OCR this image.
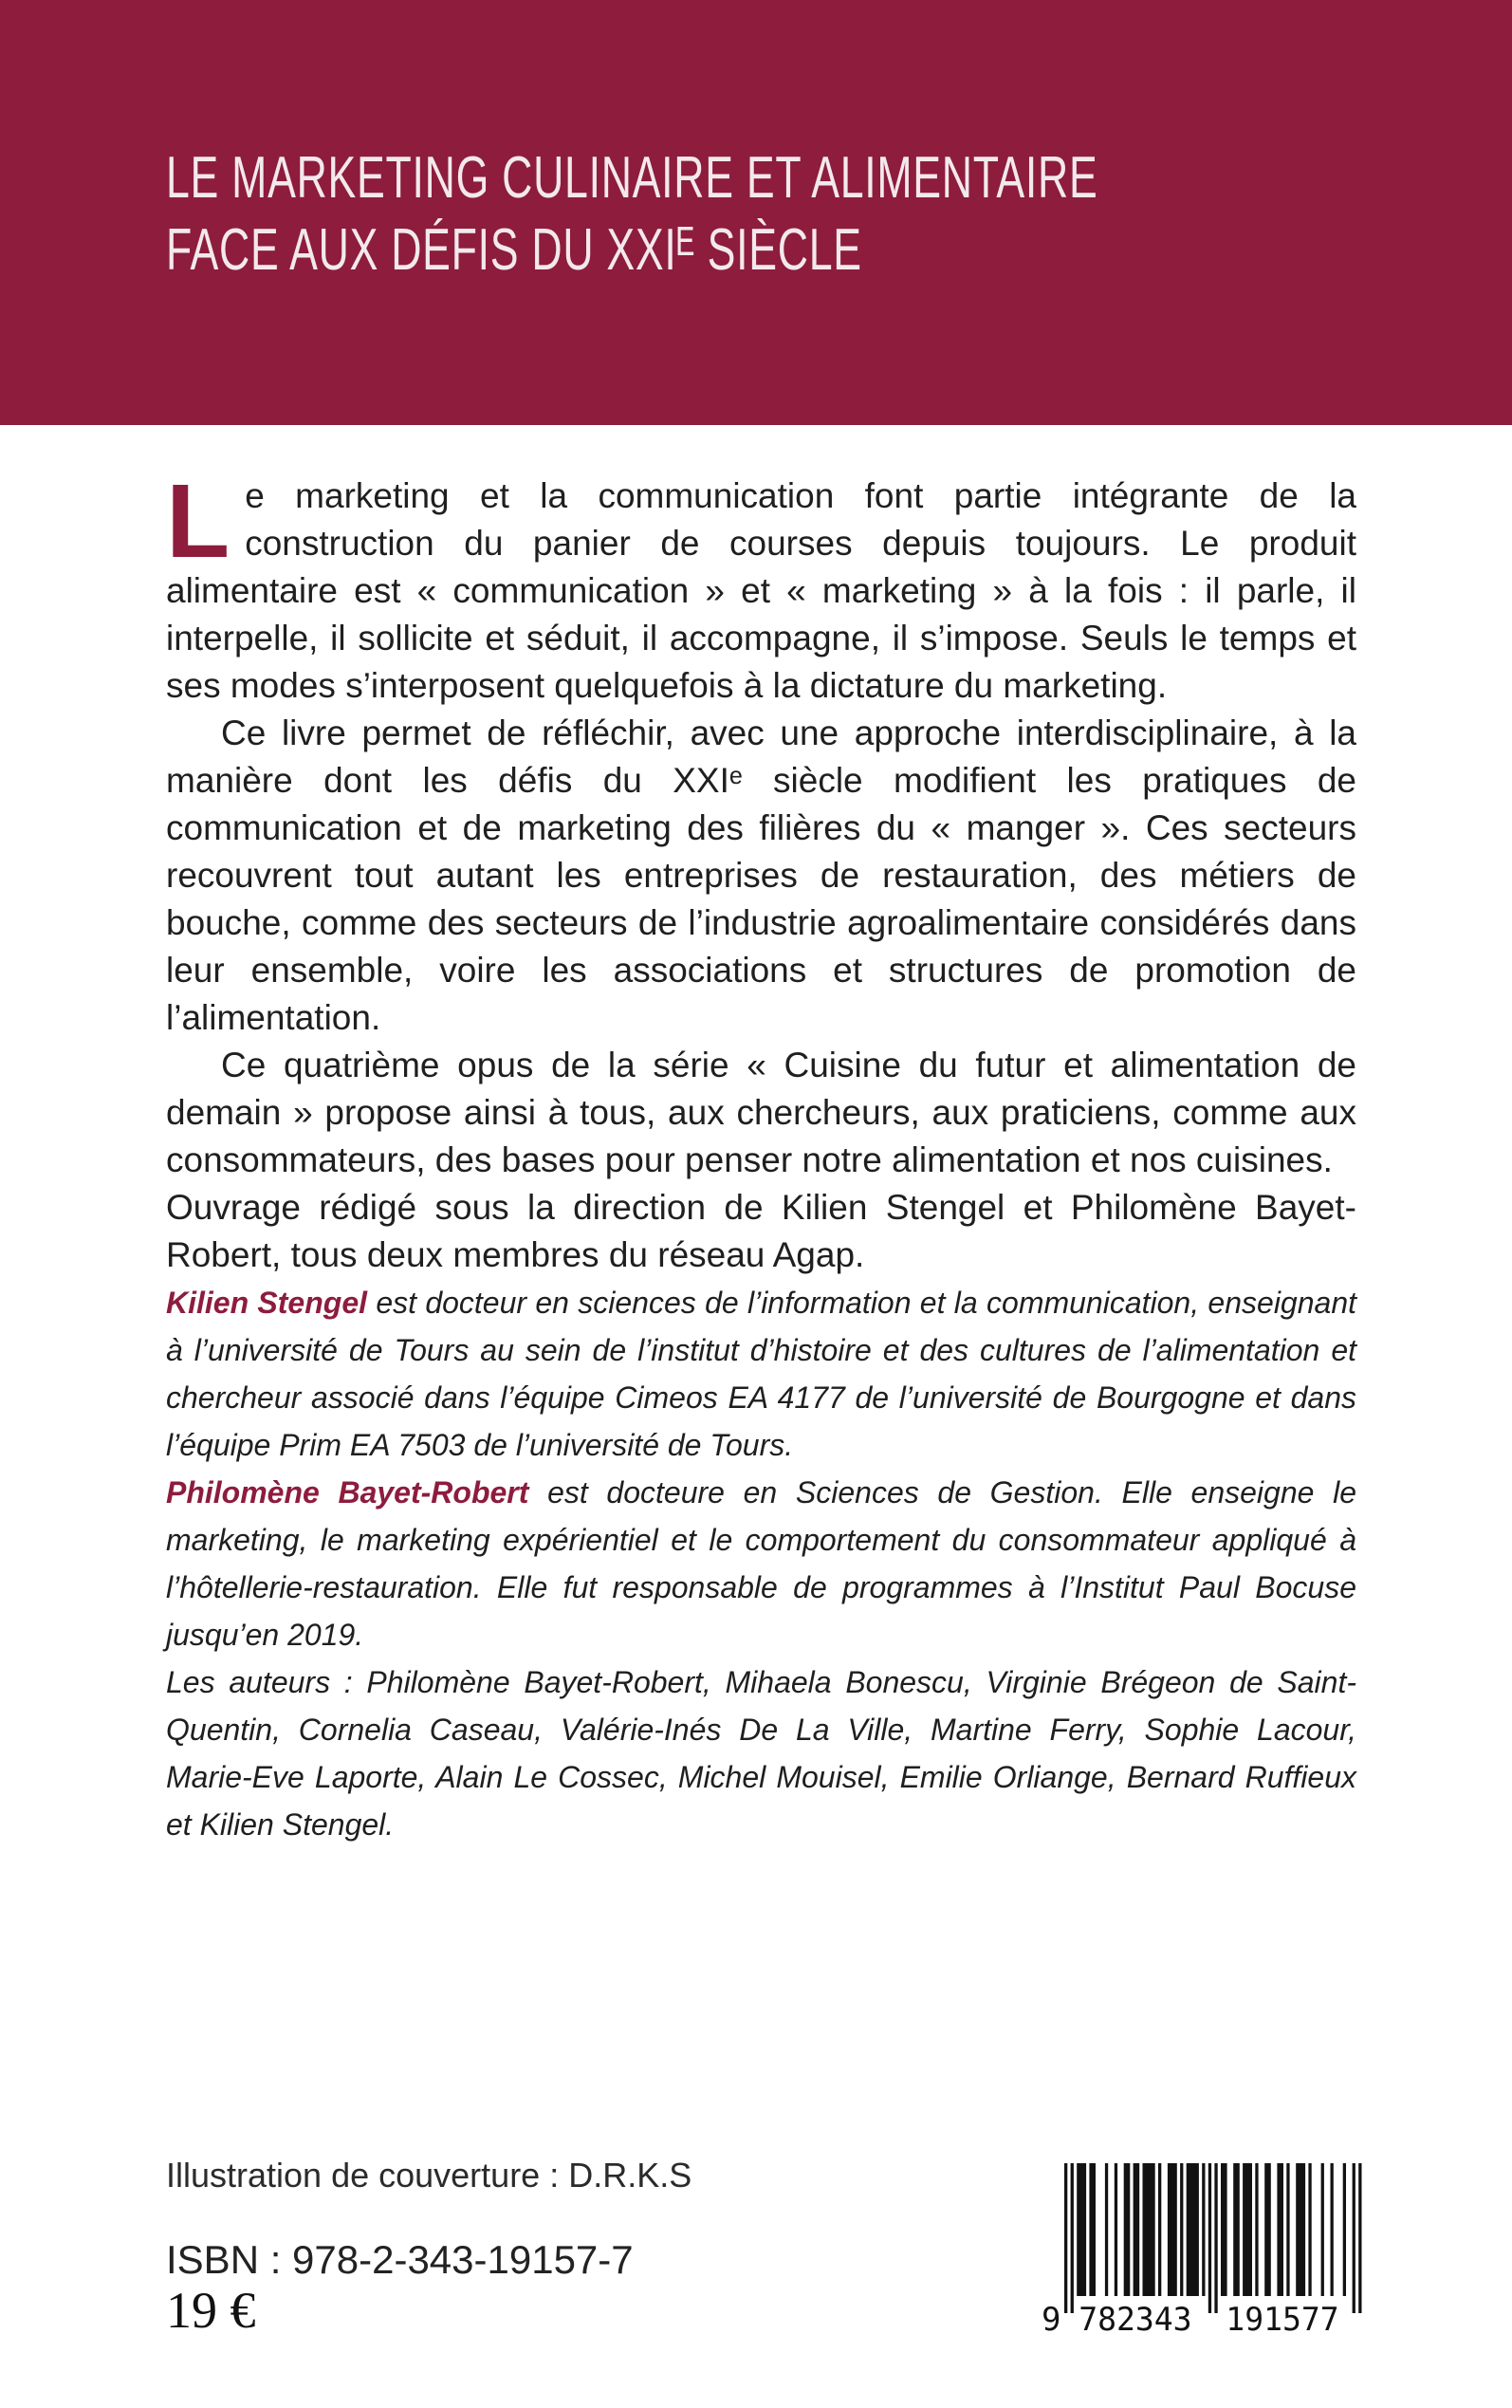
LE MARKETING CULINAIRE ET ALIMENTAIRE
FACE AUX DÉFIS DU XXIᴱ SIÈCLE

Le marketing et la communication font partie intégrante de la construction du panier de courses depuis toujours. Le produit alimentaire est « communication » et « marketing » à la fois : il parle, il interpelle, il sollicite et séduit, il accompagne, il s’impose. Seuls le temps et ses modes s’interposent quelquefois à la dictature du marketing.

Ce livre permet de réfléchir, avec une approche interdisciplinaire, à la manière dont les défis du XXIᵉ siècle modifient les pratiques de communication et de marketing des filières du « manger ». Ces secteurs recouvrent tout autant les entreprises de restauration, des métiers de bouche, comme des secteurs de l’industrie agroalimentaire considérés dans leur ensemble, voire les associations et structures de promotion de l’alimentation.

Ce quatrième opus de la série « Cuisine du futur et alimentation de demain » propose ainsi à tous, aux chercheurs, aux praticiens, comme aux consommateurs, des bases pour penser notre alimentation et nos cuisines.

Ouvrage rédigé sous la direction de Kilien Stengel et Philomène Bayet-Robert, tous deux membres du réseau Agap.

Kilien Stengel est docteur en sciences de l’information et la communication, enseignant à l’université de Tours au sein de l’institut d’histoire et des cultures de l’alimentation et chercheur associé dans l’équipe Cimeos EA 4177 de l’université de Bourgogne et dans l’équipe Prim EA 7503 de l’université de Tours.

Philomène Bayet-Robert est docteure en Sciences de Gestion. Elle enseigne le marketing, le marketing expérientiel et le comportement du consommateur appliqué à l’hôtellerie-restauration. Elle fut responsable de programmes à l’Institut Paul Bocuse jusqu’en 2019.

Les auteurs : Philomène Bayet-Robert, Mihaela Bonescu, Virginie Brégeon de Saint-Quentin, Cornelia Caseau, Valérie-Inés De La Ville, Martine Ferry, Sophie Lacour, Marie-Eve Laporte, Alain Le Cossec, Michel Mouisel, Emilie Orliange, Bernard Ruffieux et Kilien Stengel.

Illustration de couverture : D.R.K.S
ISBN : 978-2-343-19157-7
19 €	9 782343 191577
